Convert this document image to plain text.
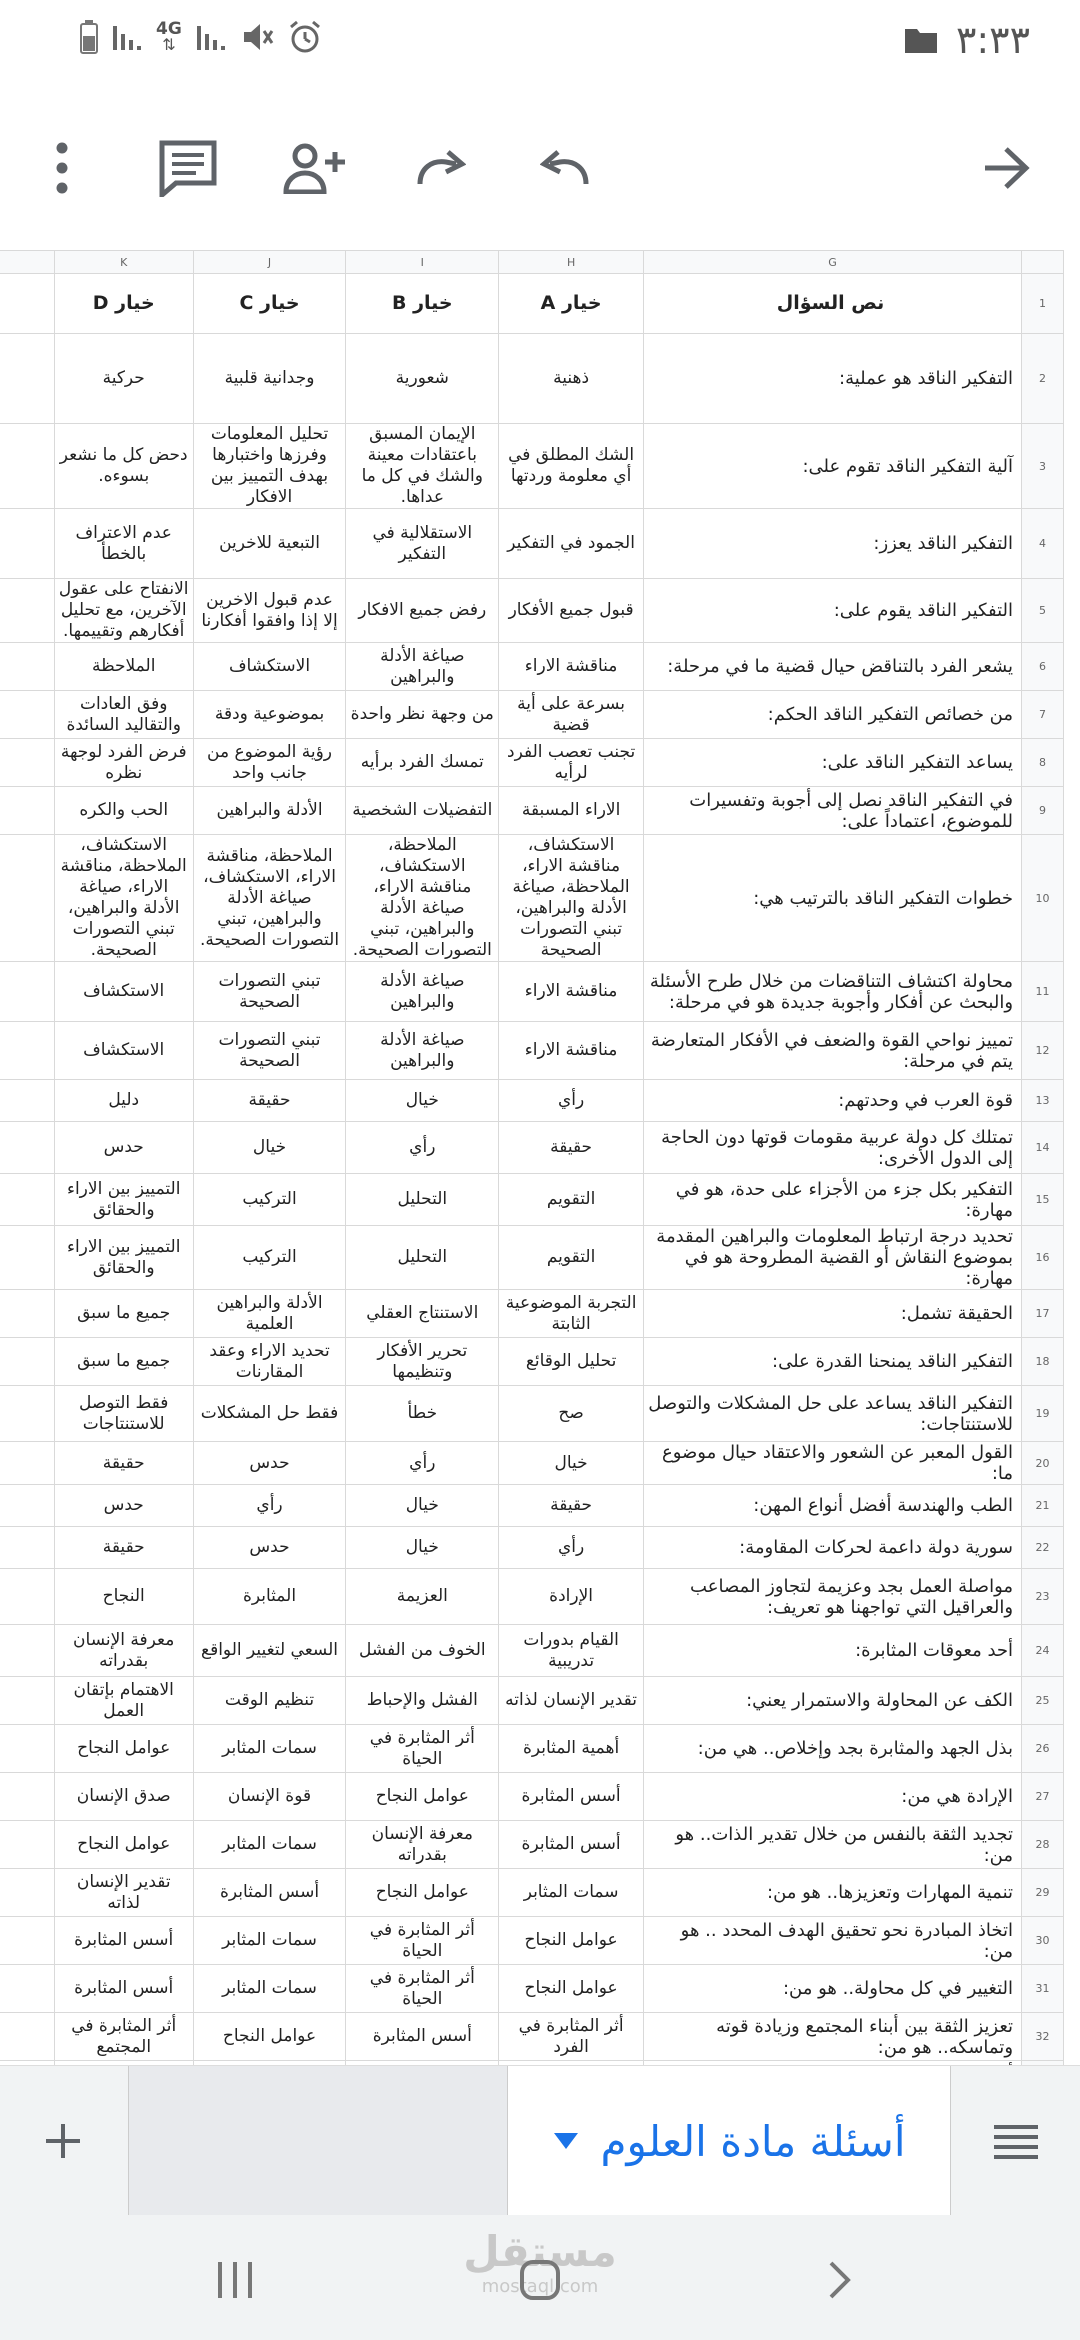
4G
⇅	٣:٣٣
	K	J	I	H	G	
	خيار D	خيار C	خيار B	خيار A	نص السؤال	1
	حركية	وجدانية قلبية	شعورية	ذهنية	التفكير الناقد هو عملية:	2
	دحض كل ما نشعر بسوءه.	تحليل المعلومات وفرزها واختبارها بهدف التمييز بين الافكار	الإيمان المسبق باعتقادات معينة والشك في كل ما عداها.	الشك المطلق في أي معلومة وردتها	آلية التفكير الناقد تقوم على:	3
	عدم الاعتراف بالخطأ	التبعية للاخرين	الاستقلالية في التفكير	الجمود في التفكير	التفكير الناقد يعزز:	4
	الانفتاح على عقول الآخرين، مع تحليل أفكارهم وتقييمها.	عدم قبول الاخرين إلا إذا وافقوا أفكارنا	رفض جميع الافكار	قبول جميع الأفكار	التفكير الناقد يقوم على:	5
	الملاحظة	الاستكشاف	صياغة الأدلة والبراهين	مناقشة الاراء	يشعر الفرد بالتناقض حيال قضية ما في مرحلة:	6
	وفق العادات والتقاليد السائدة	بموضوعية ودقة	من وجهة نظر واحدة	بسرعة على أية قضية	من خصائص التفكير الناقد الحكم:	7
	فرض الفرد لوجهة نظره	رؤية الموضوع من جانب واحد	تمسك الفرد برأيه	تجنب تعصب الفرد لرأيه	يساعد التفكير الناقد على:	8
	الحب والكره	الأدلة والبراهين	التفضيلات الشخصية	الاراء المسبقة	في التفكير الناقد نصل إلى أجوبة وتفسيرات للموضوع، اعتماداً على:	9
	الاستكشاف، الملاحظة، مناقشة الاراء، صياغة الأدلة والبراهين، تبني التصورات الصحيحة.	الملاحظة، مناقشة الاراء، الاستكشاف، صياغة الأدلة والبراهين، تبني التصورات الصحيحة.	الملاحظة، الاستكشاف، مناقشة الاراء، صياغة الأدلة والبراهين، تبني التصورات الصحيحة.	الاستكشاف، مناقشة الاراء، الملاحظة، صياغة الأدلة والبراهين، تبني التصورات الصحيحة	خطوات التفكير الناقد بالترتيب هي:	10
	الاستكشاف	تبني التصورات الصحيحة	صياغة الأدلة والبراهين	مناقشة الاراء	محاولة اكتشاف التناقضات من خلال طرح الأسئلة والبحث عن أفكار وأجوبة جديدة هو في مرحلة:	11
	الاستكشاف	تبني التصورات الصحيحة	صياغة الأدلة والبراهين	مناقشة الاراء	تمييز نواحي القوة والضعف في الأفكار المتعارضة يتم في مرحلة:	12
	دليل	حقيقة	خيال	رأي	قوة العرب في وحدتهم:	13
	حدس	خيال	رأي	حقيقة	تمتلك كل دولة عربية مقومات قوتها دون الحاجة إلى الدول الأخرى:	14
	التمييز بين الاراء والحقائق	التركيب	التحليل	التقويم	التفكير بكل جزء من الأجزاء على حدة، هو في مهارة:	15
	التمييز بين الاراء والحقائق	التركيب	التحليل	التقويم	تحديد درجة ارتباط المعلومات والبراهين المقدمة بموضوع النقاش أو القضية المطروحة هو في مهارة:	16
	جميع ما سبق	الأدلة والبراهين العلمية	الاستنتاج العقلي	التجربة الموضوعية الثابتة	الحقيقة تشمل:	17
	جميع ما سبق	تحديد الاراء وعقد المقارنات	تحرير الأفكار وتنظيمها	تحليل الوقائع	التفكير الناقد يمنحنا القدرة على:	18
	فقط التوصل للاستنتاجات	فقط حل المشكلات	خطأ	صح	التفكير الناقد يساعد على حل المشكلات والتوصل للاستنتاجات:	19
	حقيقة	حدس	رأي	خيال	القول المعبر عن الشعور والاعتقاد حيال موضوع ما:	20
	حدس	رأي	خيال	حقيقة	الطب والهندسة أفضل أنواع المهن:	21
	حقيقة	حدس	خيال	رأي	سورية دولة داعمة لحركات المقاومة:	22
	النجاح	المثابرة	العزيمة	الإرادة	مواصلة العمل بجد وعزيمة لتجاوز المصاعب والعراقيل التي تواجهنا هو تعريف:	23
	معرفة الإنسان بقدراته	السعي لتغيير الواقع	الخوف من الفشل	القيام بدورات تدريبية	أحد معوقات المثابرة:	24
	الاهتمام بإتقان العمل	تنظيم الوقت	الفشل والإحباط	تقدير الإنسان لذاته	الكف عن المحاولة والاستمرار يعني:	25
	عوامل النجاح	سمات المثابر	أثر المثابرة في الحياة	أهمية المثابرة	بذل الجهد والمثابرة بجد وإخلاص.. هي من:	26
	صدق الإنسان	قوة الإنسان	عوامل النجاح	أسس المثابرة	الإرادة هي من:	27
	عوامل النجاح	سمات المثابر	معرفة الإنسان بقدراته	أسس المثابرة	تجديد الثقة بالنفس من خلال تقدير الذات.. هو من:	28
	تقدير الإنسان لذاته	أسس المثابرة	عوامل النجاح	سمات المثابر	تنمية المهارات وتعزيزها.. هو من:	29
	أسس المثابرة	سمات المثابر	أثر المثابرة في الحياة	عوامل النجاح	اتخاذ المبادرة نحو تحقيق الهدف المحدد .. هو من:	30
	أسس المثابرة	سمات المثابر	أثر المثابرة في الحياة	عوامل النجاح	التغيير في كل محاولة.. هو من:	31
	أثر المثابرة في المجتمع	عوامل النجاح	أسس المثابرة	أثر المثابرة في الفرد	تعزيز الثقة بين أبناء المجتمع وزيادة قوته وتماسكه.. هو من:	32

أسئلة مادة العلوم
مستقل
mostaql.com
